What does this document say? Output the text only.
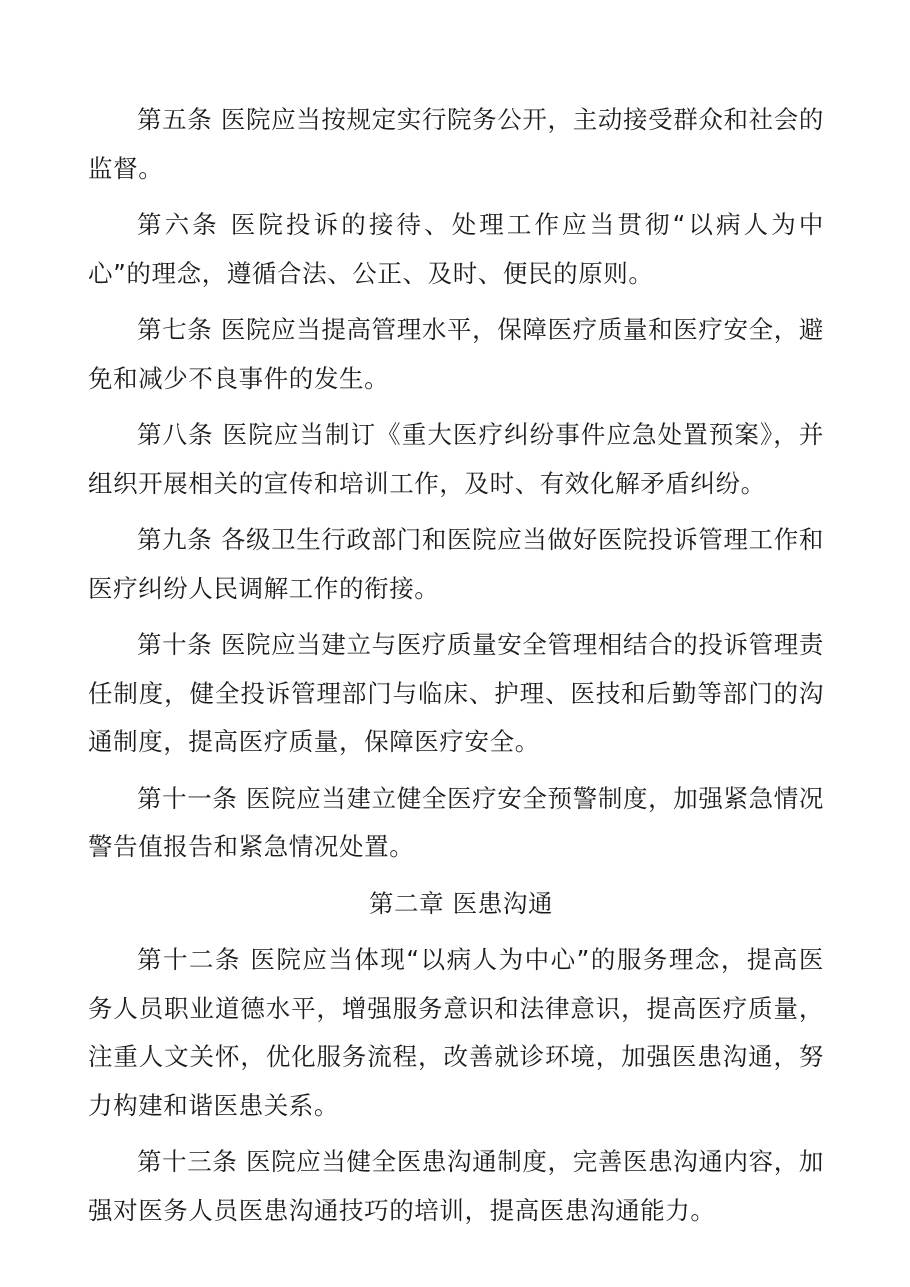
第五条 医院应当按规定实行院务公开，主动接受群众和社会的监督。

第六条 医院投诉的接待、处理工作应当贯彻“以病人为中心”的理念，遵循合法、公正、及时、便民的原则。

第七条 医院应当提高管理水平，保障医疗质量和医疗安全，避免和减少不良事件的发生。

第八条 医院应当制订《重大医疗纠纷事件应急处置预案》，并组织开展相关的宣传和培训工作，及时、有效化解矛盾纠纷。

第九条 各级卫生行政部门和医院应当做好医院投诉管理工作和医疗纠纷人民调解工作的衔接。

第十条 医院应当建立与医疗质量安全管理相结合的投诉管理责任制度，健全投诉管理部门与临床、护理、医技和后勤等部门的沟通制度，提高医疗质量，保障医疗安全。

第十一条 医院应当建立健全医疗安全预警制度，加强紧急情况警告值报告和紧急情况处置。

第二章 医患沟通

第十二条 医院应当体现“以病人为中心”的服务理念，提高医务人员职业道德水平，增强服务意识和法律意识，提高医疗质量，注重人文关怀，优化服务流程，改善就诊环境，加强医患沟通，努力构建和谐医患关系。

第十三条 医院应当健全医患沟通制度，完善医患沟通内容，加强对医务人员医患沟通技巧的培训，提高医患沟通能力。
